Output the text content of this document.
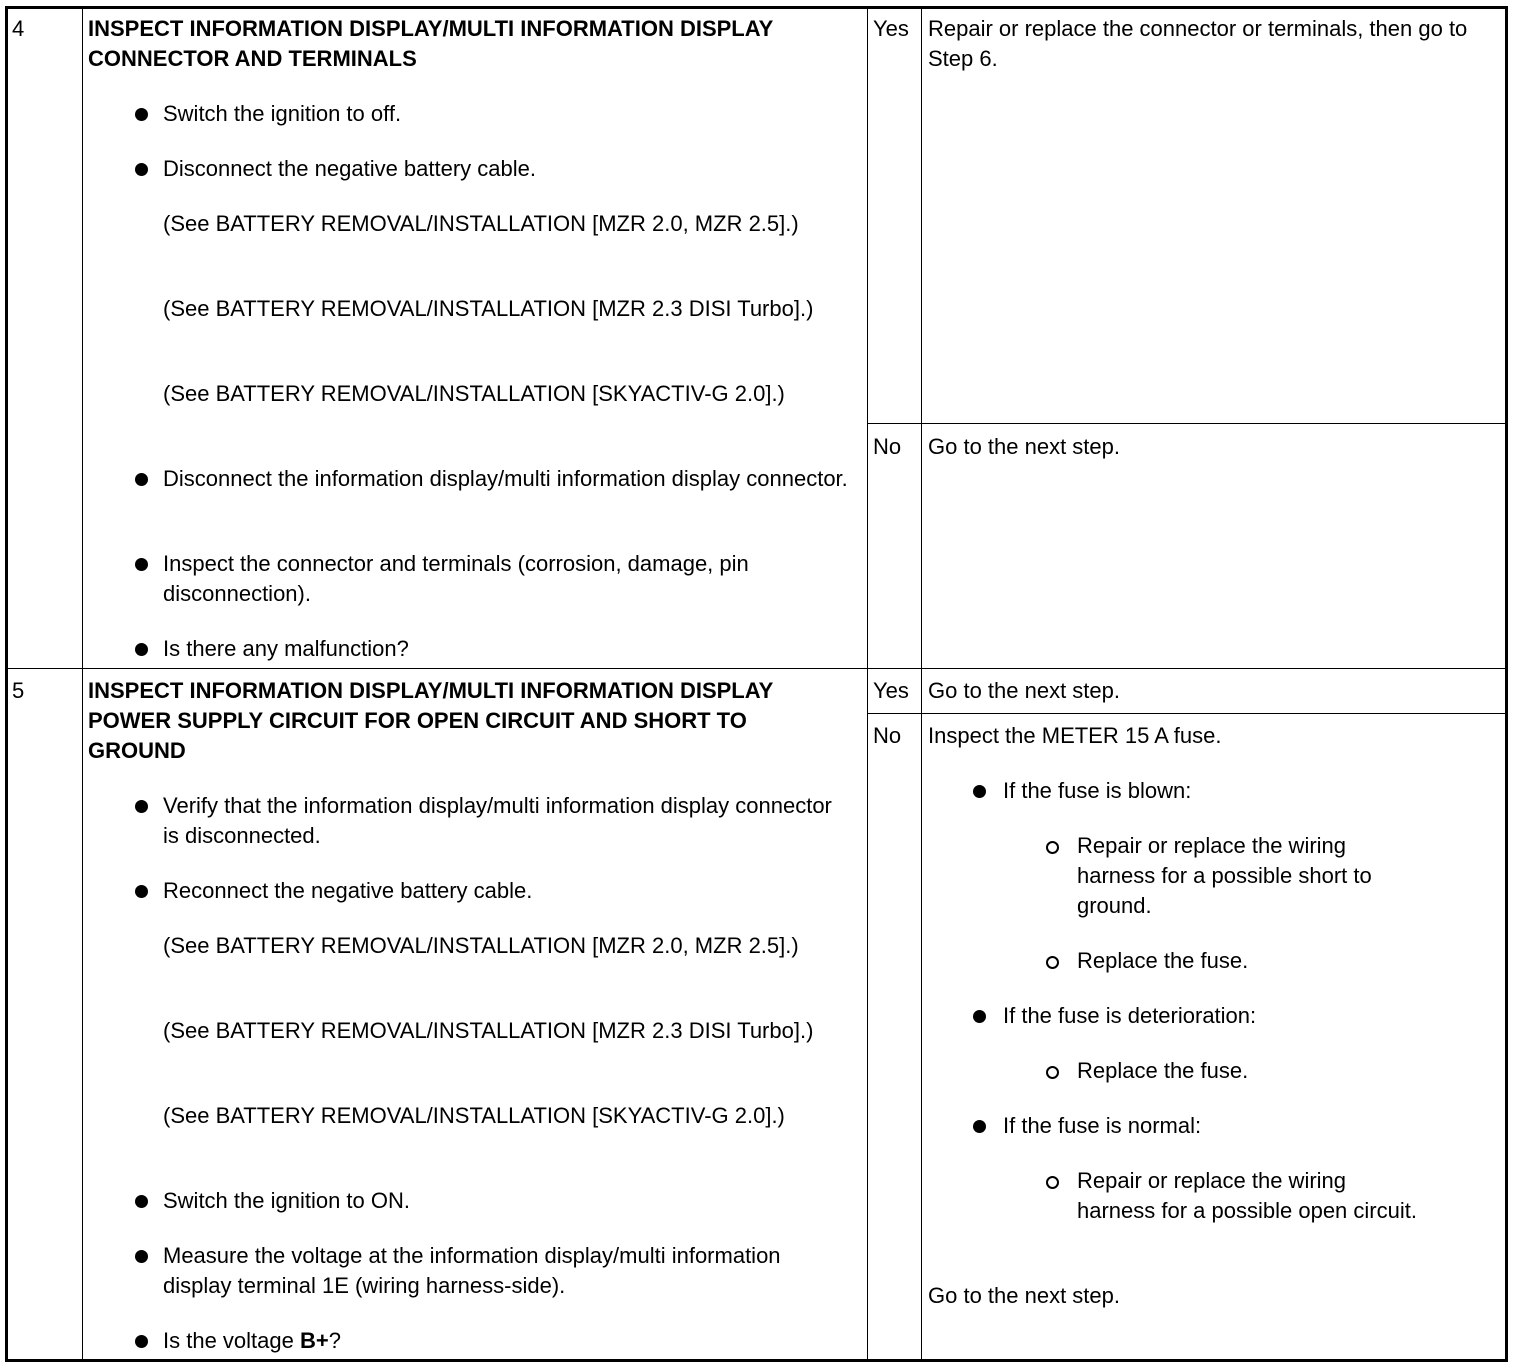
4	INSPECT INFORMATION DISPLAY/MULTI INFORMATION DISPLAY CONNECTOR AND TERMINALS
Switch the ignition to off.
Disconnect the negative battery cable.
(See BATTERY REMOVAL/INSTALLATION [MZR 2.0, MZR 2.5].)
(See BATTERY REMOVAL/INSTALLATION [MZR 2.3 DISI Turbo].)
(See BATTERY REMOVAL/INSTALLATION [SKYACTIV-G 2.0].)
Disconnect the information display/multi information display connector.
Inspect the connector and terminals (corrosion, damage, pin disconnection).
Is there any malfunction?
Yes Repair or replace the connector or terminals, then go to Step 6.
No Go to the next step.
5	INSPECT INFORMATION DISPLAY/MULTI INFORMATION DISPLAY POWER SUPPLY CIRCUIT FOR OPEN CIRCUIT AND SHORT TO GROUND
Verify that the information display/multi information display connector is disconnected.
Reconnect the negative battery cable.
(See BATTERY REMOVAL/INSTALLATION [MZR 2.0, MZR 2.5].)
(See BATTERY REMOVAL/INSTALLATION [MZR 2.3 DISI Turbo].)
(See BATTERY REMOVAL/INSTALLATION [SKYACTIV-G 2.0].)
Switch the ignition to ON.
Measure the voltage at the information display/multi information display terminal 1E (wiring harness-side).
Is the voltage B+?
Yes Go to the next step.
No Inspect the METER 15 A fuse.
If the fuse is blown:
Repair or replace the wiring harness for a possible short to ground.
Replace the fuse.
If the fuse is deterioration:
Replace the fuse.
If the fuse is normal:
Repair or replace the wiring harness for a possible open circuit.
Go to the next step.
